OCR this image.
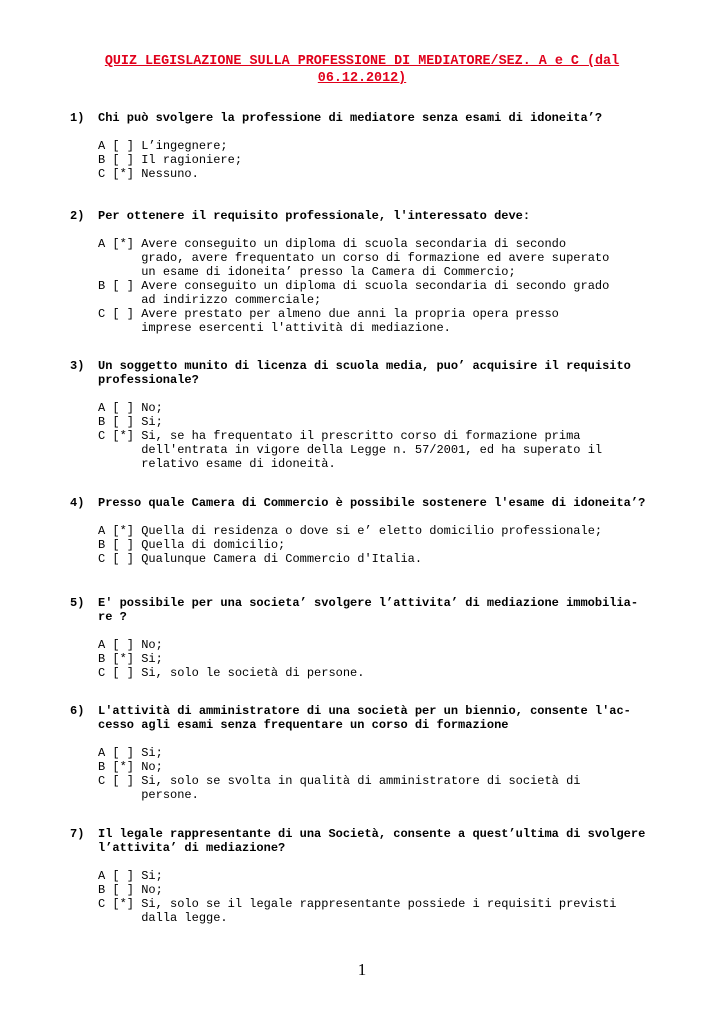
QUIZ LEGISLAZIONE SULLA PROFESSIONE DI MEDIATORE/SEZ. A e C (dal
06.12.2012)
1)	Chi può svolgere la professione di mediatore senza esami di idoneita’?
A [ ] L’ingegnere;
B [ ] Il ragioniere;
C [*] Nessuno.
2)	Per ottenere il requisito professionale, l'interessato deve:
A [*] Avere conseguito un diploma di scuola secondaria di secondo
grado, avere frequentato un corso di formazione ed avere superato
un esame di idoneita’ presso la Camera di Commercio;
B [ ] Avere conseguito un diploma di scuola secondaria di secondo grado
ad indirizzo commerciale;
C [ ] Avere prestato per almeno due anni la propria opera presso
imprese esercenti l'attività di mediazione.
3)	Un soggetto munito di licenza di scuola media, puo’ acquisire il requisito
professionale?
A [ ] No;
B [ ] Si;
C [*] Si, se ha frequentato il prescritto corso di formazione prima
dell'entrata in vigore della Legge n. 57/2001, ed ha superato il
relativo esame di idoneità.
4)	Presso quale Camera di Commercio è possibile sostenere l'esame di idoneita’?
A [*] Quella di residenza o dove si e’ eletto domicilio professionale;
B [ ] Quella di domicilio;
C [ ] Qualunque Camera di Commercio d'Italia.
5)	E' possibile per una societa’ svolgere l’attivita’ di mediazione immobilia-
re ?
A [ ] No;
B [*] Si;
C [ ] Si, solo le società di persone.
6)	L'attività di amministratore di una società per un biennio, consente l'ac-
cesso agli esami senza frequentare un corso di formazione
A [ ] Si;
B [*] No;
C [ ] Si, solo se svolta in qualità di amministratore di società di
persone.
7)	Il legale rappresentante di una Società, consente a quest’ultima di svolgere
l’attivita’ di mediazione?
A [ ] Si;
B [ ] No;
C [*] Si, solo se il legale rappresentante possiede i requisiti previsti
dalla legge.
1
